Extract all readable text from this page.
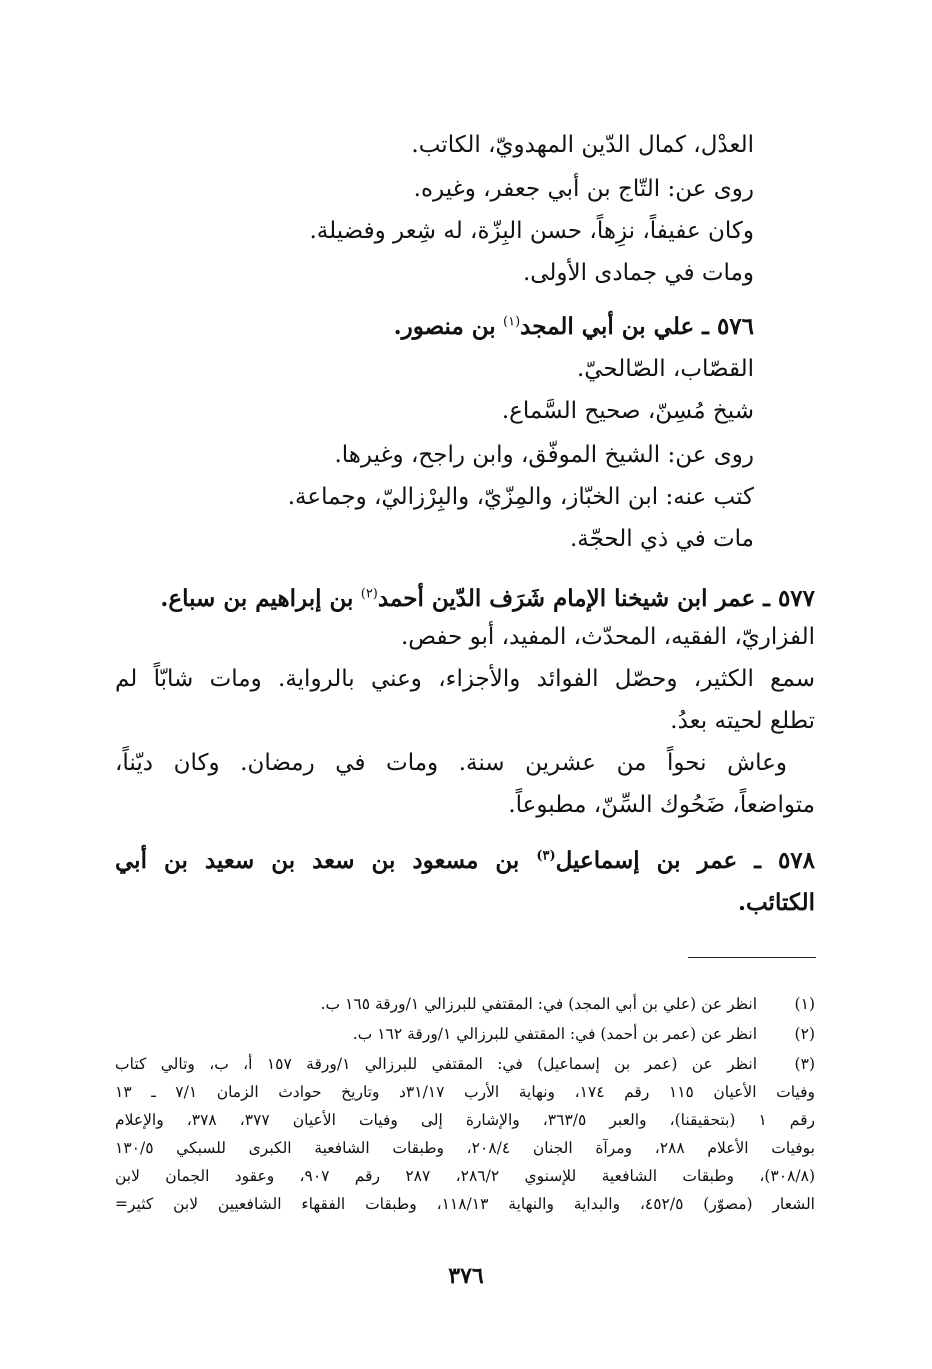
العدْل، كمال الدّين المهدويّ، الكاتب.
روى عن: التّاج بن أبي جعفر، وغيره.
وكان عفيفاً، نزِهاً، حسن البِزّة، له شِعر وفضيلة.
ومات في جمادى الأولى.
٥٧٦ ـ علي بن أبي المجد$^{(١)}$ بن منصور.
القصّاب، الصّالحيّ.
شيخ مُسِنّ، صحيح السَّماع.
روى عن: الشيخ الموفّق، وابن راجح، وغيرها.
كتب عنه: ابن الخبّاز، والمِزّيّ، والبِرْزاليّ، وجماعة.
مات في ذي الحجّة.
٥٧٧ ـ عمر ابن شيخنا الإمام شَرَف الدّين أحمد$^{(٢)}$ بن إبراهيم بن سباع.
الفزاريّ، الفقيه، المحدّث، المفيد، أبو حفص.
سمع الكثير، وحصّل الفوائد والأجزاء، وعني بالرواية. ومات شابّاً لم
تطلع لحيته بعدُ.
وعاش نحواً من عشرين سنة. ومات في رمضان. وكان ديّناً،
متواضعاً، ضَحُوك السِّنّ، مطبوعاً.
٥٧٨ ـ عمر بن إسماعيل$^{(٣)}$ بن مسعود بن سعد بن سعيد بن أبي
الكتائب.
(١)
انظر عن (علي بن أبي المجد) في: المقتفي للبرزالي ١/ورقة ١٦٥ ب.
(٢)
انظر عن (عمر بن أحمد) في: المقتفي للبرزالي ١/ورقة ١٦٢ ب.
(٣)
انظر عن (عمر بن إسماعيل) في: المقتفي للبرزالي ١/ورقة ١٥٧ أ، ب، وتالي كتاب
وفيات الأعيان ١١٥ رقم ١٧٤، ونهاية الأرب ٣١/١٧د وتاريخ حوادث الزمان ٧/١ ـ ١٣
رقم ١ (بتحقيقنا)، والعبر ٣٦٣/٥، والإشارة إلى وفيات الأعيان ٣٧٧، ٣٧٨، والإعلام
بوفيات الأعلام ٢٨٨، ومرآة الجنان ٢٠٨/٤، وطبقات الشافعية الكبرى للسبكي ١٣٠/٥
(٣٠٨/٨)، وطبقات الشافعية للإسنوي ٢٨٦/٢، ٢٨٧ رقم ٩٠٧، وعقود الجمان لابن
الشعار (مصوّر) ٤٥٢/٥، والبداية والنهاية ١١٨/١٣، وطبقات الفقهاء الشافعيين لابن كثير=
٣٧٦
